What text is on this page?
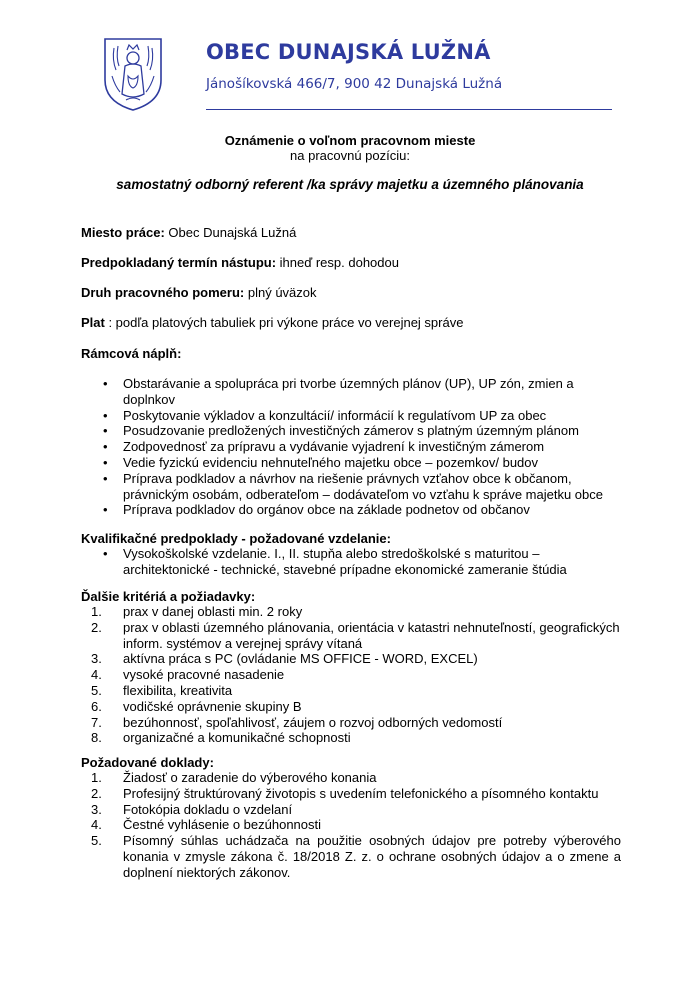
OBEC DUNAJSKÁ LUŽNÁ
Jánošíkovská 466/7, 900 42 Dunajská Lužná
Oznámenie o voľnom pracovnom mieste
na pracovnú pozíciu:
samostatný odborný referent /ka správy majetku a územného plánovania
Miesto práce: Obec Dunajská Lužná
Predpokladaný termín nástupu: ihneď resp. dohodou
Druh pracovného pomeru: plný úväzok
Plat : podľa platových tabuliek pri výkone práce vo verejnej správe
Rámcová náplň:
• Obstarávanie a spolupráca pri tvorbe územných plánov (UP), UP zón, zmien a doplnkov
• Poskytovanie výkladov a konzultácií/ informácií k regulatívom UP za obec
• Posudzovanie predložených investičných zámerov s platným územným plánom
• Zodpovednosť za prípravu a vydávanie vyjadrení k investičným zámerom
• Vedie fyzickú evidenciu nehnuteľného majetku obce – pozemkov/ budov
• Príprava podkladov a návrhov na riešenie právnych vzťahov obce k občanom, právnickým osobám, odberateľom – dodávateľom vo vzťahu k správe majetku obce
• Príprava podkladov do orgánov obce na základe podnetov od občanov
Kvalifikačné predpoklady - požadované vzdelanie:
• Vysokoškolské vzdelanie. I., II. stupňa alebo stredoškolské s maturitou – architektonické - technické, stavebné prípadne ekonomické zameranie štúdia
Ďalšie kritériá a požiadavky:
1. prax v danej oblasti min. 2 roky
2. prax v oblasti územného plánovania, orientácia v katastri nehnuteľností, geografických inform. systémov a verejnej správy vítaná
3. aktívna práca s PC (ovládanie MS OFFICE - WORD, EXCEL)
4. vysoké pracovné nasadenie
5. flexibilita, kreativita
6. vodičské oprávnenie skupiny B
7. bezúhonnosť, spoľahlivosť, záujem o rozvoj odborných vedomostí
8. organizačné a komunikačné schopnosti
Požadované doklady:
1. Žiadosť o zaradenie do výberového konania
2. Profesijný štruktúrovaný životopis s uvedením telefonického a písomného kontaktu
3. Fotokópia dokladu o vzdelaní
4. Čestné vyhlásenie o bezúhonnosti
5. Písomný súhlas uchádzača na použitie osobných údajov pre potreby výberového konania v zmysle zákona č. 18/2018 Z. z. o ochrane osobných údajov a o zmene a doplnení niektorých zákonov.
